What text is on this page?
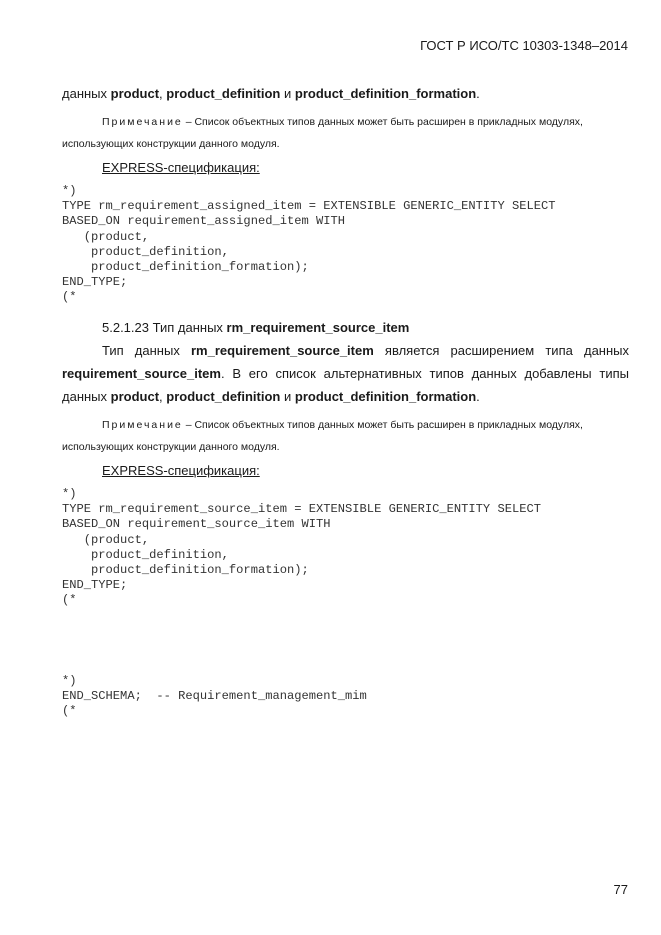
ГОСТ Р ИСО/ТС 10303-1348–2014
данных product, product_definition и product_definition_formation.
Примечание – Список объектных типов данных может быть расширен в прикладных модулях, использующих конструкции данного модуля.
EXPRESS-спецификация:
*)
TYPE rm_requirement_assigned_item = EXTENSIBLE GENERIC_ENTITY SELECT
BASED_ON requirement_assigned_item WITH
(product,
product_definition,
product_definition_formation);
END_TYPE;
(*
5.2.1.23 Тип данных rm_requirement_source_item
Тип данных rm_requirement_source_item является расширением типа данных
requirement_source_item. В его список альтернативных типов данных добавлены типы
данных product, product_definition и product_definition_formation.
Примечание – Список объектных типов данных может быть расширен в прикладных модулях, использующих конструкции данного модуля.
EXPRESS-спецификация:
*)
TYPE rm_requirement_source_item = EXTENSIBLE GENERIC_ENTITY SELECT
BASED_ON requirement_source_item WITH
(product,
product_definition,
product_definition_formation);
END_TYPE;
(*
*)
END_SCHEMA;  -- Requirement_management_mim
(*
77
